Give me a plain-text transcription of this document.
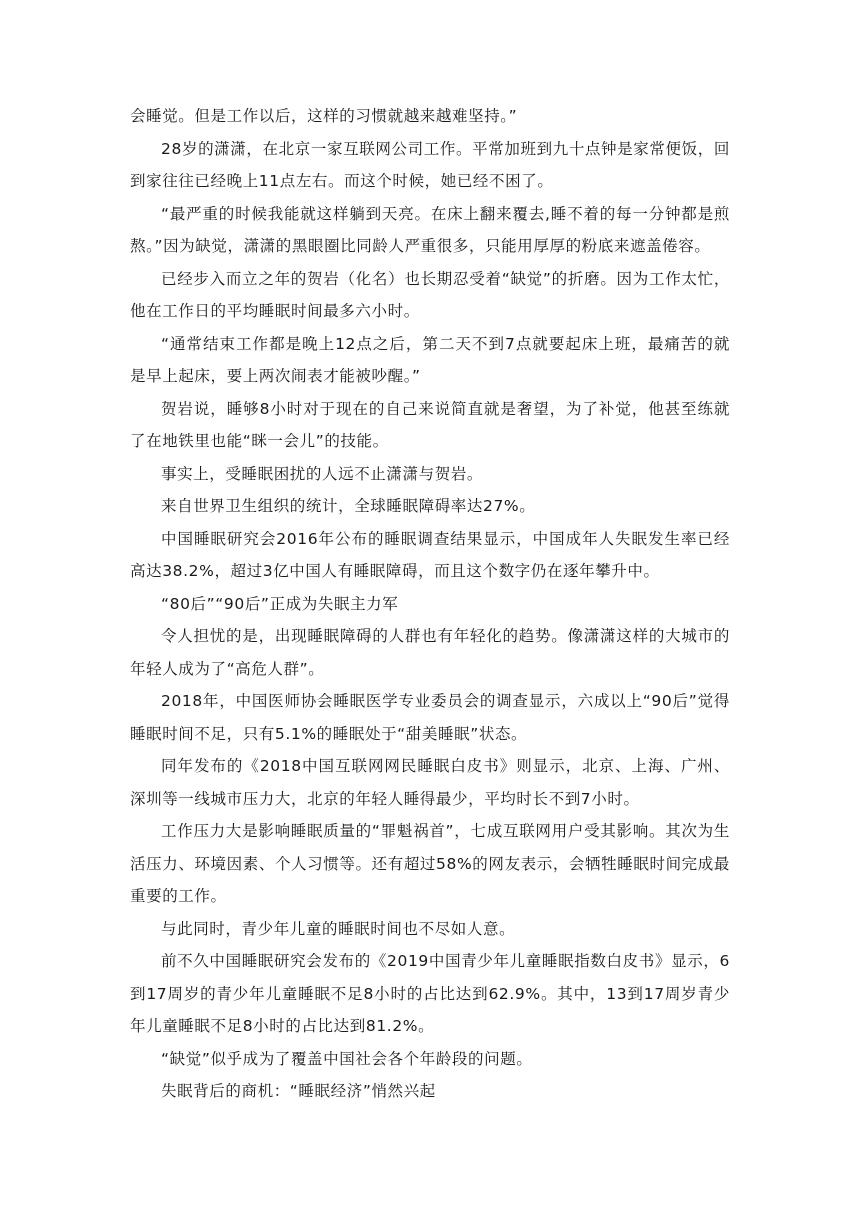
会睡觉。但是工作以后，这样的习惯就越来越难坚持。”

28岁的潇潇，在北京一家互联网公司工作。平常加班到九十点钟是家常便饭，回到家往往已经晚上11点左右。而这个时候，她已经不困了。

“最严重的时候我能就这样躺到天亮。在床上翻来覆去,睡不着的每一分钟都是煎熬。”因为缺觉，潇潇的黑眼圈比同龄人严重很多，只能用厚厚的粉底来遮盖倦容。

已经步入而立之年的贺岩（化名）也长期忍受着“缺觉”的折磨。因为工作太忙，他在工作日的平均睡眠时间最多六小时。

“通常结束工作都是晚上12点之后，第二天不到7点就要起床上班，最痛苦的就是早上起床，要上两次闹表才能被吵醒。”

贺岩说，睡够8小时对于现在的自己来说简直就是奢望，为了补觉，他甚至练就了在地铁里也能“眯一会儿”的技能。

事实上，受睡眠困扰的人远不止潇潇与贺岩。

来自世界卫生组织的统计，全球睡眠障碍率达27%。

中国睡眠研究会2016年公布的睡眠调查结果显示，中国成年人失眠发生率已经高达38.2%，超过3亿中国人有睡眠障碍，而且这个数字仍在逐年攀升中。

“80后”“90后”正成为失眠主力军

令人担忧的是，出现睡眠障碍的人群也有年轻化的趋势。像潇潇这样的大城市的年轻人成为了“高危人群”。

2018年，中国医师协会睡眠医学专业委员会的调查显示，六成以上“90后”觉得睡眠时间不足，只有5.1%的睡眠处于“甜美睡眠”状态。

同年发布的《2018中国互联网网民睡眠白皮书》则显示，北京、上海、广州、深圳等一线城市压力大，北京的年轻人睡得最少，平均时长不到7小时。

工作压力大是影响睡眠质量的“罪魁祸首”，七成互联网用户受其影响。其次为生活压力、环境因素、个人习惯等。还有超过58%的网友表示，会牺牲睡眠时间完成最重要的工作。

与此同时，青少年儿童的睡眠时间也不尽如人意。

前不久中国睡眠研究会发布的《2019中国青少年儿童睡眠指数白皮书》显示，6到17周岁的青少年儿童睡眠不足8小时的占比达到62.9%。其中，13到17周岁青少年儿童睡眠不足8小时的占比达到81.2%。

“缺觉”似乎成为了覆盖中国社会各个年龄段的问题。

失眠背后的商机：“睡眠经济”悄然兴起
